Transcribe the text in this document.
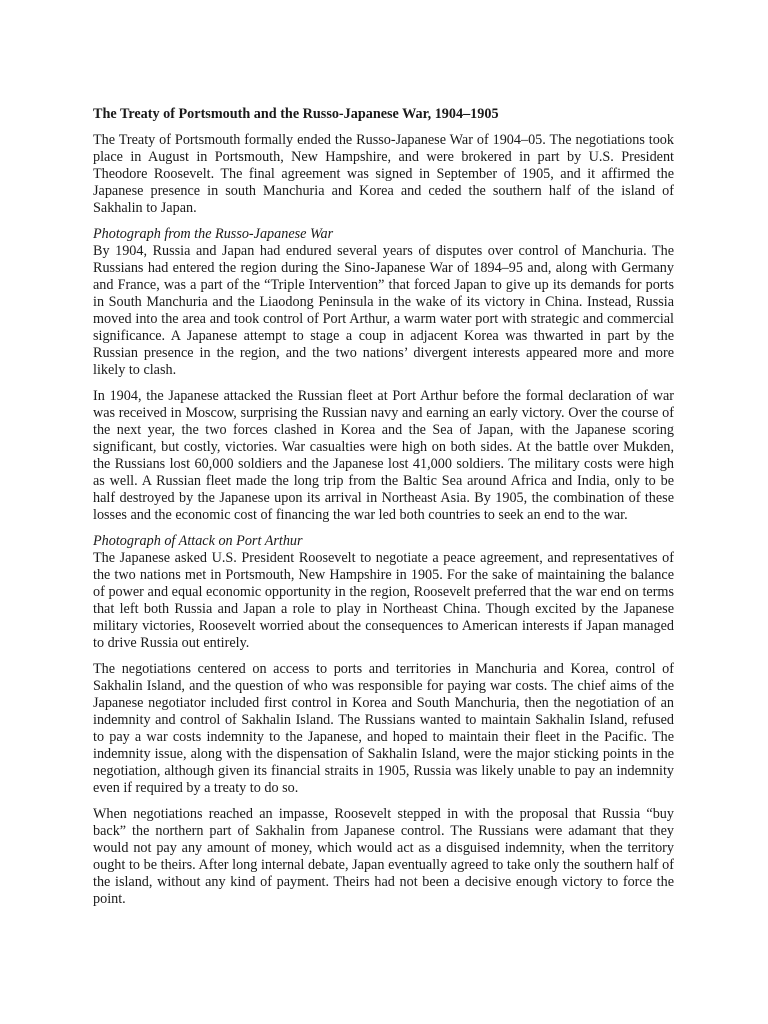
The Treaty of Portsmouth and the Russo-Japanese War, 1904–1905
The Treaty of Portsmouth formally ended the Russo-Japanese War of 1904–05. The negotiations took place in August in Portsmouth, New Hampshire, and were brokered in part by U.S. President Theodore Roosevelt. The final agreement was signed in September of 1905, and it affirmed the Japanese presence in south Manchuria and Korea and ceded the southern half of the island of Sakhalin to Japan.
Photograph from the Russo-Japanese War
By 1904, Russia and Japan had endured several years of disputes over control of Manchuria. The Russians had entered the region during the Sino-Japanese War of 1894–95 and, along with Germany and France, was a part of the “Triple Intervention” that forced Japan to give up its demands for ports in South Manchuria and the Liaodong Peninsula in the wake of its victory in China. Instead, Russia moved into the area and took control of Port Arthur, a warm water port with strategic and commercial significance. A Japanese attempt to stage a coup in adjacent Korea was thwarted in part by the Russian presence in the region, and the two nations’ divergent interests appeared more and more likely to clash.
In 1904, the Japanese attacked the Russian fleet at Port Arthur before the formal declaration of war was received in Moscow, surprising the Russian navy and earning an early victory. Over the course of the next year, the two forces clashed in Korea and the Sea of Japan, with the Japanese scoring significant, but costly, victories. War casualties were high on both sides. At the battle over Mukden, the Russians lost 60,000 soldiers and the Japanese lost 41,000 soldiers. The military costs were high as well. A Russian fleet made the long trip from the Baltic Sea around Africa and India, only to be half destroyed by the Japanese upon its arrival in Northeast Asia. By 1905, the combination of these losses and the economic cost of financing the war led both countries to seek an end to the war.
Photograph of Attack on Port Arthur
The Japanese asked U.S. President Roosevelt to negotiate a peace agreement, and representatives of the two nations met in Portsmouth, New Hampshire in 1905. For the sake of maintaining the balance of power and equal economic opportunity in the region, Roosevelt preferred that the war end on terms that left both Russia and Japan a role to play in Northeast China. Though excited by the Japanese military victories, Roosevelt worried about the consequences to American interests if Japan managed to drive Russia out entirely.
The negotiations centered on access to ports and territories in Manchuria and Korea, control of Sakhalin Island, and the question of who was responsible for paying war costs. The chief aims of the Japanese negotiator included first control in Korea and South Manchuria, then the negotiation of an indemnity and control of Sakhalin Island. The Russians wanted to maintain Sakhalin Island, refused to pay a war costs indemnity to the Japanese, and hoped to maintain their fleet in the Pacific. The indemnity issue, along with the dispensation of Sakhalin Island, were the major sticking points in the negotiation, although given its financial straits in 1905, Russia was likely unable to pay an indemnity even if required by a treaty to do so.
When negotiations reached an impasse, Roosevelt stepped in with the proposal that Russia “buy back” the northern part of Sakhalin from Japanese control. The Russians were adamant that they would not pay any amount of money, which would act as a disguised indemnity, when the territory ought to be theirs. After long internal debate, Japan eventually agreed to take only the southern half of the island, without any kind of payment. Theirs had not been a decisive enough victory to force the point.
